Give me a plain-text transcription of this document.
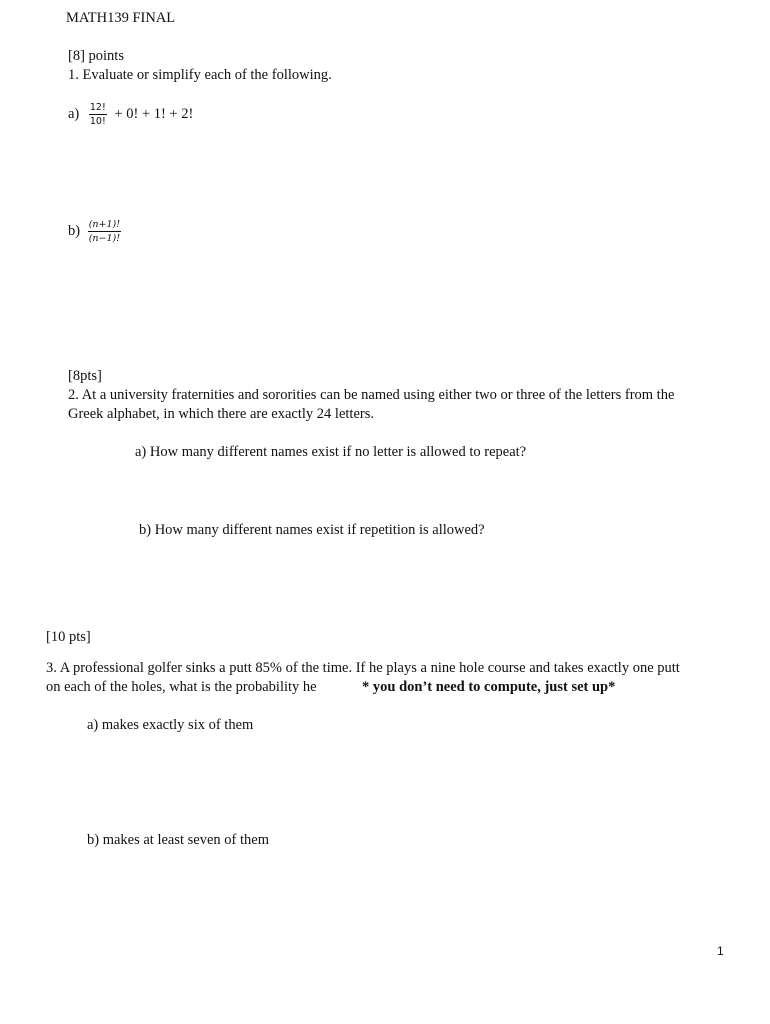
MATH139 FINAL
[8] points
1. Evaluate or simplify each of the following.
$a) \frac{12!}{10!} + 0$! + 1! + 2!
$b) \frac{(n+1)!}{(n-1)!}$
[8pts]
2. At a university fraternities and sororities can be named using either two or three of the letters from the
Greek alphabet, in which there are exactly 24 letters.
a) How many different names exist if no letter is allowed to repeat?
b) How many different names exist if repetition is allowed?
[10 pts]
3. A professional golfer sinks a putt 85% of the time. If he plays a nine hole course and takes exactly one putt
on each of the holes, what is the probability he	* you don’t need to compute, just set up*
a) makes exactly six of them
b) makes at least seven of them
1
